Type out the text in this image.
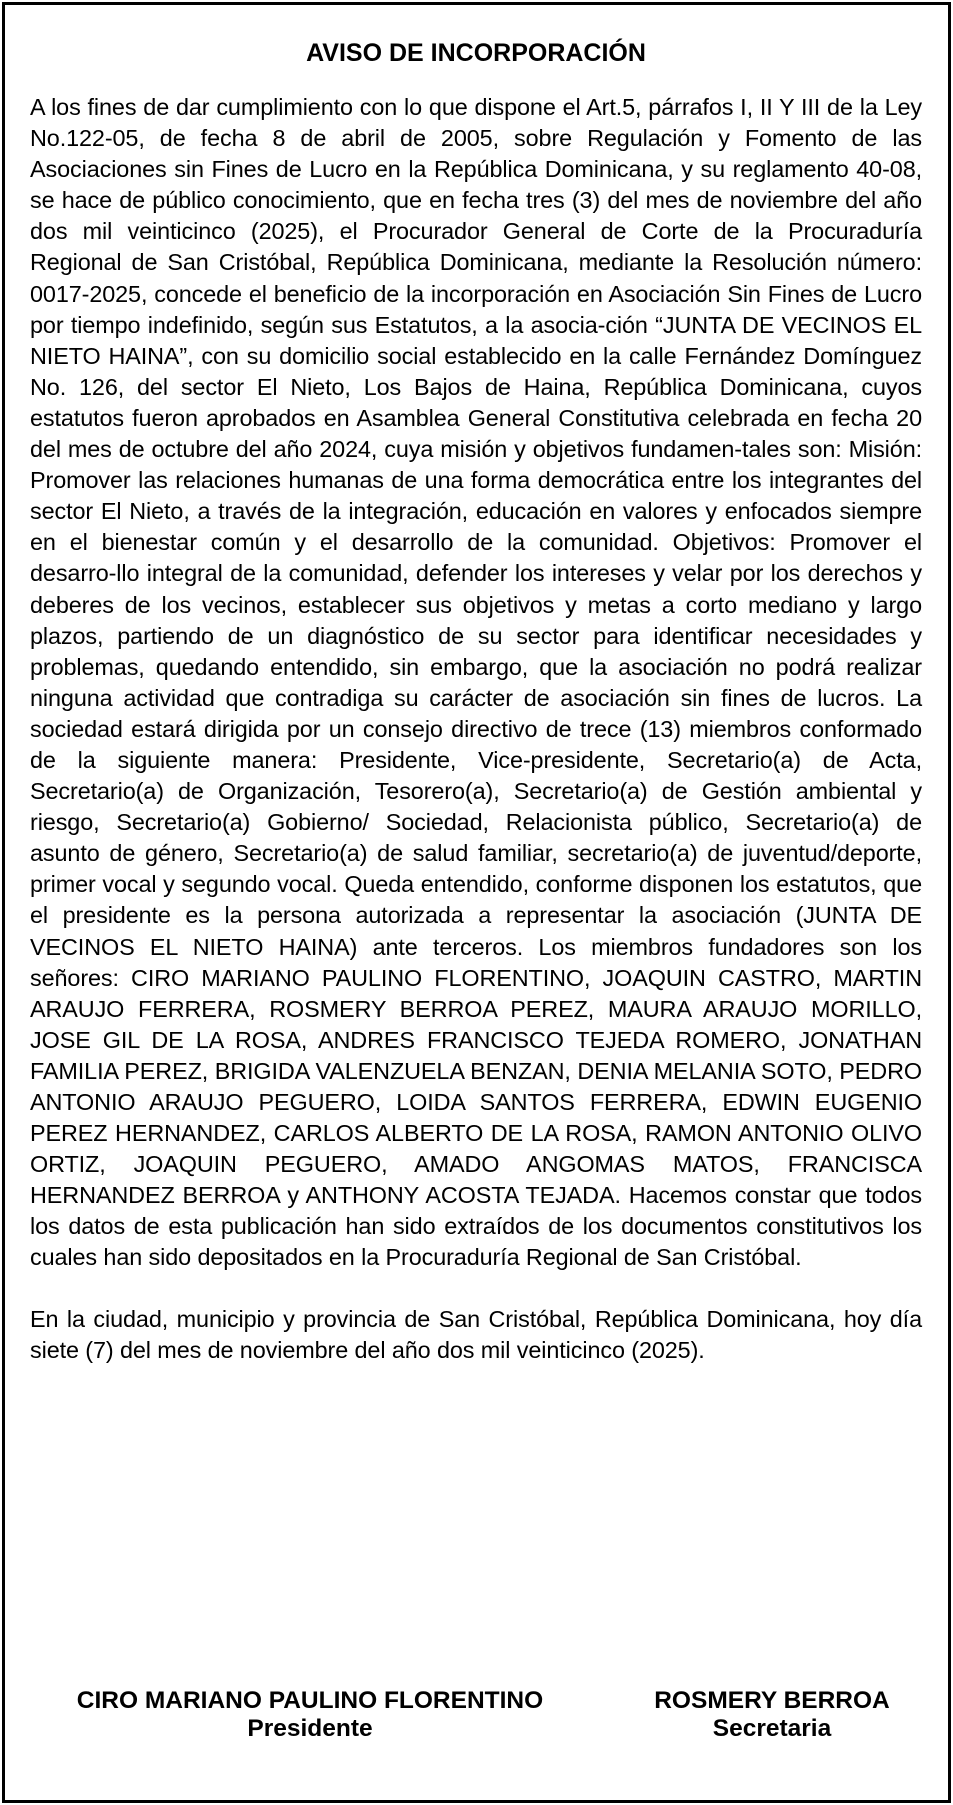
AVISO DE INCORPORACIÓN

A los fines de dar cumplimiento con lo que dispone el Art.5, párrafos I, II Y III de la Ley No.122-05, de fecha 8 de abril de 2005, sobre Regulación y Fomento de las Asociaciones sin Fines de Lucro en la República Dominicana, y su reglamento 40-08, se hace de público conocimiento, que en fecha tres (3) del mes de noviembre del año dos mil veinticinco (2025), el Procurador General de Corte de la Procuraduría Regional de San Cristóbal, República Dominicana, mediante la Resolución número: 0017-2025, concede el beneficio de la incorporación en Asociación Sin Fines de Lucro por tiempo indefinido, según sus Estatutos, a la asocia-ción “JUNTA DE VECINOS EL NIETO HAINA”, con su domicilio social establecido en la calle Fernández Domínguez No. 126, del sector El Nieto, Los Bajos de Haina, República Dominicana, cuyos estatutos fueron aprobados en Asamblea General Constitutiva celebrada en fecha 20 del mes de octubre del año 2024, cuya misión y objetivos fundamen-tales son: Misión: Promover las relaciones humanas de una forma democrática entre los integrantes del sector El Nieto, a través de la integración, educación en valores y enfocados siempre en el bienestar común y el desarrollo de la comunidad. Objetivos: Promover el desarro-llo integral de la comunidad, defender los intereses y velar por los derechos y deberes de los vecinos, establecer sus objetivos y metas a corto mediano y largo plazos, partiendo de un diagnóstico de su sector para identificar necesidades y problemas, quedando entendido, sin embargo, que la asociación no podrá realizar ninguna actividad que contradiga su carácter de asociación sin fines de lucros. La sociedad estará dirigida por un consejo directivo de trece (13) miembros conformado de la siguiente manera: Presidente, Vice-presidente, Secretario(a) de Acta, Secretario(a) de Organización, Tesorero(a), Secretario(a) de Gestión ambiental y riesgo, Secretario(a) Gobierno/ Sociedad, Relacionista público, Secretario(a) de asunto de género, Secretario(a) de salud familiar, secretario(a) de juventud/deporte, primer vocal y segundo vocal. Queda entendido, conforme disponen los estatutos, que el presidente es la persona autorizada a representar la asociación (JUNTA DE VECINOS EL NIETO HAINA) ante terceros. Los miembros fundadores son los señores: CIRO MARIANO PAULINO FLORENTINO, JOAQUIN CASTRO, MARTIN ARAUJO FERRERA, ROSMERY BERROA PEREZ, MAURA ARAUJO MORILLO, JOSE GIL DE LA ROSA, ANDRES FRANCISCO TEJEDA ROMERO, JONATHAN FAMILIA PEREZ, BRIGIDA VALENZUELA BENZAN, DENIA MELANIA SOTO, PEDRO ANTONIO ARAUJO PEGUERO, LOIDA SANTOS FERRERA, EDWIN EUGENIO PEREZ HERNANDEZ, CARLOS ALBERTO DE LA ROSA, RAMON ANTONIO OLIVO ORTIZ, JOAQUIN PEGUERO, AMADO ANGOMAS MATOS, FRANCISCA HERNANDEZ BERROA y ANTHONY ACOSTA TEJADA. Hacemos constar que todos los datos de esta publicación han sido extraídos de los documentos constitutivos los cuales han sido depositados en la Procuraduría Regional de San Cristóbal.

En la ciudad, municipio y provincia de San Cristóbal, República Dominicana, hoy día siete (7) del mes de noviembre del año dos mil veinticinco (2025).

CIRO MARIANO PAULINO FLORENTINO
Presidente
ROSMERY BERROA
Secretaria
